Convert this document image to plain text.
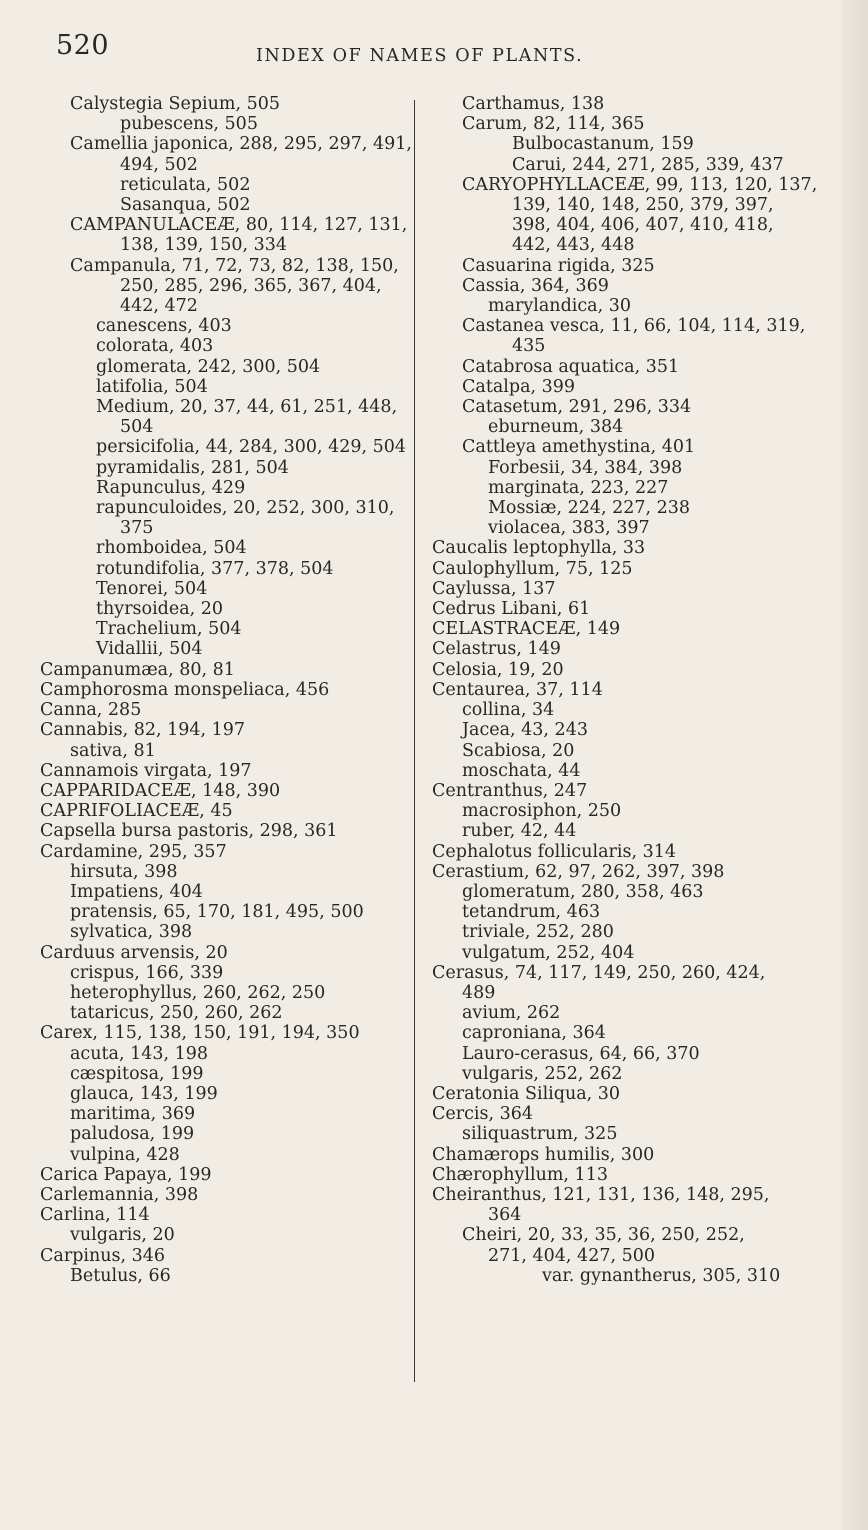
520	INDEX OF NAMES OF PLANTS.
Calystegia Sepium, 505
pubescens, 505
Camellia japonica, 288, 295, 297, 491,
494, 502
reticulata, 502
Sasanqua, 502
CAMPANULACEÆ, 80, 114, 127, 131,
138, 139, 150, 334
Campanula, 71, 72, 73, 82, 138, 150,
250, 285, 296, 365, 367, 404,
442, 472
canescens, 403
colorata, 403
glomerata, 242, 300, 504
latifolia, 504
Medium, 20, 37, 44, 61, 251, 448,
504
persicifolia, 44, 284, 300, 429, 504
pyramidalis, 281, 504
Rapunculus, 429
rapunculoides, 20, 252, 300, 310,
375
rhomboidea, 504
rotundifolia, 377, 378, 504
Tenorei, 504
thyrsoidea, 20
Trachelium, 504
Vidallii, 504
Campanumæa, 80, 81
Camphorosma monspeliaca, 456
Canna, 285
Cannabis, 82, 194, 197
sativa, 81
Cannamois virgata, 197
CAPPARIDACEÆ, 148, 390
CAPRIFOLIACEÆ, 45
Capsella bursa pastoris, 298, 361
Cardamine, 295, 357
hirsuta, 398
Impatiens, 404
pratensis, 65, 170, 181, 495, 500
sylvatica, 398
Carduus arvensis, 20
crispus, 166, 339
heterophyllus, 260, 262, 250
tataricus, 250, 260, 262
Carex, 115, 138, 150, 191, 194, 350
acuta, 143, 198
cæspitosa, 199
glauca, 143, 199
maritima, 369
paludosa, 199
vulpina, 428
Carica Papaya, 199
Carlemannia, 398
Carlina, 114
vulgaris, 20
Carpinus, 346
Betulus, 66
Carthamus, 138
Carum, 82, 114, 365
Bulbocastanum, 159
Carui, 244, 271, 285, 339, 437
CARYOPHYLLACEÆ, 99, 113, 120, 137,
139, 140, 148, 250, 379, 397,
398, 404, 406, 407, 410, 418,
442, 443, 448
Casuarina rigida, 325
Cassia, 364, 369
marylandica, 30
Castanea vesca, 11, 66, 104, 114, 319,
435
Catabrosa aquatica, 351
Catalpa, 399
Catasetum, 291, 296, 334
eburneum, 384
Cattleya amethystina, 401
Forbesii, 34, 384, 398
marginata, 223, 227
Mossiæ, 224, 227, 238
violacea, 383, 397
Caucalis leptophylla, 33
Caulophyllum, 75, 125
Caylussa, 137
Cedrus Libani, 61
CELASTRACEÆ, 149
Celastrus, 149
Celosia, 19, 20
Centaurea, 37, 114
collina, 34
Jacea, 43, 243
Scabiosa, 20
moschata, 44
Centranthus, 247
macrosiphon, 250
ruber, 42, 44
Cephalotus follicularis, 314
Cerastium, 62, 97, 262, 397, 398
glomeratum, 280, 358, 463
tetandrum, 463
triviale, 252, 280
vulgatum, 252, 404
Cerasus, 74, 117, 149, 250, 260, 424,
489
avium, 262
caproniana, 364
Lauro-cerasus, 64, 66, 370
vulgaris, 252, 262
Ceratonia Siliqua, 30
Cercis, 364
siliquastrum, 325
Chamærops humilis, 300
Chærophyllum, 113
Cheiranthus, 121, 131, 136, 148, 295,
364
Cheiri, 20, 33, 35, 36, 250, 252,
271, 404, 427, 500
var. gynantherus, 305, 310
